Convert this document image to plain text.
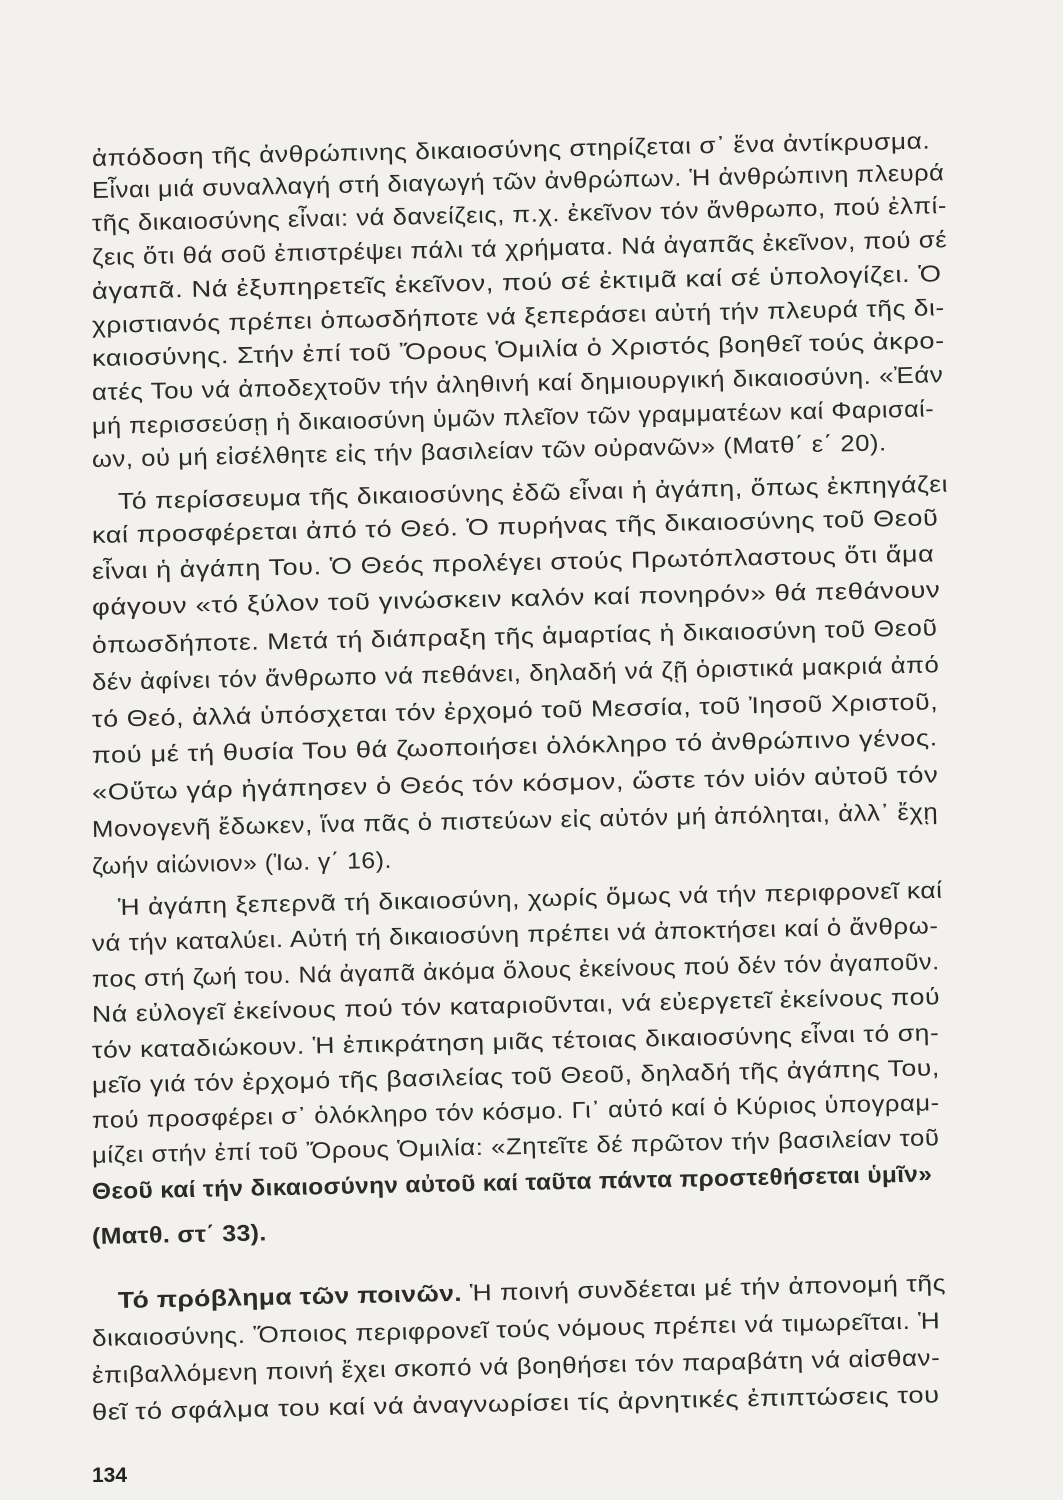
ἀπόδοση τῆς ἀνθρώπινης δικαιοσύνης στηρίζεται σ᾿ ἕνα ἀντίκρυσμα.
Εἶναι μιά συναλλαγή στή διαγωγή τῶν ἀνθρώπων. Ἡ ἀνθρώπινη πλευρά
τῆς δικαιοσύνης εἶναι: νά δανείζεις, π.χ. ἐκεῖνον τόν ἄνθρωπο, πού ἐλπί-
ζεις ὅτι θά σοῦ ἐπιστρέψει πάλι τά χρήματα. Νά ἀγαπᾶς ἐκεῖνον, πού σέ
ἀγαπᾶ. Νά ἐξυπηρετεῖς ἐκεῖνον, πού σέ ἐκτιμᾶ καί σέ ὑπολογίζει. Ὁ
χριστιανός πρέπει ὁπωσδήποτε νά ξεπεράσει αὐτή τήν πλευρά τῆς δι-
καιοσύνης. Στήν ἐπί τοῦ Ὄρους Ὁμιλία ὁ Χριστός βοηθεῖ τούς ἀκρο-
ατές Του νά ἀποδεχτοῦν τήν ἀληθινή καί δημιουργική δικαιοσύνη. «Ἐάν
μή περισσεύσῃ ἡ δικαιοσύνη ὑμῶν πλεῖον τῶν γραμματέων καί Φαρισαί-
ων, οὐ μή εἰσέλθητε εἰς τήν βασιλείαν τῶν οὐρανῶν» (Ματθ΄ ε΄ 20).
Τό περίσσευμα τῆς δικαιοσύνης ἐδῶ εἶναι ἡ ἀγάπη, ὅπως ἐκπηγάζει
καί προσφέρεται ἀπό τό Θεό. Ὁ πυρήνας τῆς δικαιοσύνης τοῦ Θεοῦ
εἶναι ἡ ἀγάπη Του. Ὁ Θεός προλέγει στούς Πρωτόπλαστους ὅτι ἅμα
φάγουν «τό ξύλον τοῦ γινώσκειν καλόν καί πονηρόν» θά πεθάνουν
ὁπωσδήποτε. Μετά τή διάπραξη τῆς ἁμαρτίας ἡ δικαιοσύνη τοῦ Θεοῦ
δέν ἀφίνει τόν ἄνθρωπο νά πεθάνει, δηλαδή νά ζῇ ὁριστικά μακριά ἀπό
τό Θεό, ἀλλά ὑπόσχεται τόν ἐρχομό τοῦ Μεσσία, τοῦ Ἰησοῦ Χριστοῦ,
πού μέ τή θυσία Του θά ζωοποιήσει ὁλόκληρο τό ἀνθρώπινο γένος.
«Οὕτω γάρ ἠγάπησεν ὁ Θεός τόν κόσμον, ὥστε τόν υἱόν αὐτοῦ τόν
Μονογενῆ ἔδωκεν, ἵνα πᾶς ὁ πιστεύων εἰς αὐτόν μή ἀπόληται, ἀλλ᾿ ἔχῃ
ζωήν αἰώνιον» (Ἰω. γ΄ 16).
Ἡ ἀγάπη ξεπερνᾶ τή δικαιοσύνη, χωρίς ὅμως νά τήν περιφρονεῖ καί
νά τήν καταλύει. Αὐτή τή δικαιοσύνη πρέπει νά ἀποκτήσει καί ὁ ἄνθρω-
πος στή ζωή του. Νά ἀγαπᾶ ἀκόμα ὅλους ἐκείνους πού δέν τόν ἀγαποῦν.
Νά εὐλογεῖ ἐκείνους πού τόν καταριοῦνται, νά εὐεργετεῖ ἐκείνους πού
τόν καταδιώκουν. Ἡ ἐπικράτηση μιᾶς τέτοιας δικαιοσύνης εἶναι τό ση-
μεῖο γιά τόν ἐρχομό τῆς βασιλείας τοῦ Θεοῦ, δηλαδή τῆς ἀγάπης Του,
πού προσφέρει σ᾿ ὁλόκληρο τόν κόσμο. Γι᾿ αὐτό καί ὁ Κύριος ὑπογραμ-
μίζει στήν ἐπί τοῦ Ὄρους Ὁμιλία: «Ζητεῖτε δέ πρῶτον τήν βασιλείαν τοῦ
Θεοῦ καί τήν δικαιοσύνην αὐτοῦ καί ταῦτα πάντα προστεθήσεται ὑμῖν»
(Ματθ. στ΄ 33).
Τό πρόβλημα τῶν ποινῶν. Ἡ ποινή συνδέεται μέ τήν ἀπονομή τῆς
δικαιοσύνης. Ὅποιος περιφρονεῖ τούς νόμους πρέπει νά τιμωρεῖται. Ἡ
ἐπιβαλλόμενη ποινή ἔχει σκοπό νά βοηθήσει τόν παραβάτη νά αἰσθαν-
θεῖ τό σφάλμα του καί νά ἀναγνωρίσει τίς ἀρνητικές ἐπιπτώσεις του
134
